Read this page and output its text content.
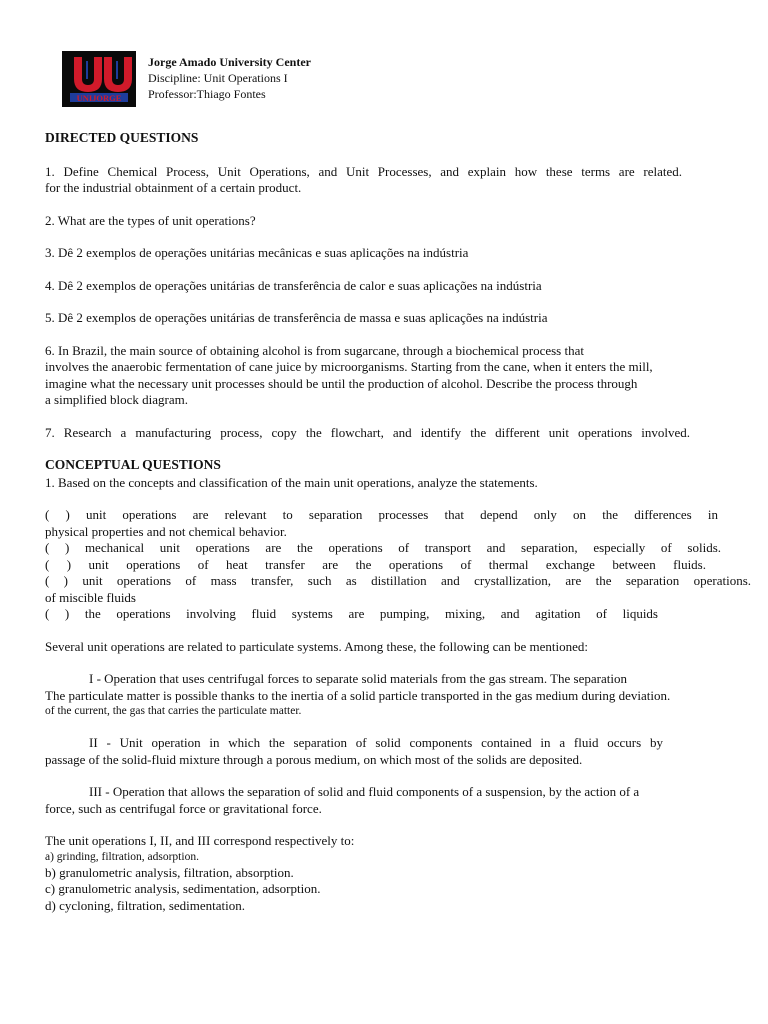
UNIJORGE
Jorge Amado University Center
Discipline: Unit Operations I
Professor:Thiago Fontes

DIRECTED QUESTIONS

1. Define Chemical Process, Unit Operations, and Unit Processes, and explain how these terms are related.

for the industrial obtainment of a certain product.

2. What are the types of unit operations?

3. Dê 2 exemplos de operações unitárias mecânicas e suas aplicações na indústria

4. Dê 2 exemplos de operações unitárias de transferência de calor e suas aplicações na indústria

5. Dê 2 exemplos de operações unitárias de transferência de massa e suas aplicações na indústria

6. In Brazil, the main source of obtaining alcohol is from sugarcane, through a biochemical process that

involves the anaerobic fermentation of cane juice by microorganisms. Starting from the cane, when it enters the mill,

imagine what the necessary unit processes should be until the production of alcohol. Describe the process through

a simplified block diagram.

7. Research a manufacturing process, copy the flowchart, and identify the different unit operations involved.

CONCEPTUAL QUESTIONS

1. Based on the concepts and classification of the main unit operations, analyze the statements.

( ) unit operations are relevant to separation processes that depend only on the differences in

physical properties and not chemical behavior.

( ) mechanical unit operations are the operations of transport and separation, especially of solids.

( ) unit operations of heat transfer are the operations of thermal exchange between fluids.

( ) unit operations of mass transfer, such as distillation and crystallization, are the separation operations.

of miscible fluids

( ) the operations involving fluid systems are pumping, mixing, and agitation of liquids

Several unit operations are related to particulate systems. Among these, the following can be mentioned:

I - Operation that uses centrifugal forces to separate solid materials from the gas stream. The separation

The particulate matter is possible thanks to the inertia of a solid particle transported in the gas medium during deviation.

of the current, the gas that carries the particulate matter.

II - Unit operation in which the separation of solid components contained in a fluid occurs by

passage of the solid-fluid mixture through a porous medium, on which most of the solids are deposited.

III - Operation that allows the separation of solid and fluid components of a suspension, by the action of a

force, such as centrifugal force or gravitational force.

The unit operations I, II, and III correspond respectively to:

a) grinding, filtration, adsorption.

b) granulometric analysis, filtration, absorption.

c) granulometric analysis, sedimentation, adsorption.

d) cycloning, filtration, sedimentation.
